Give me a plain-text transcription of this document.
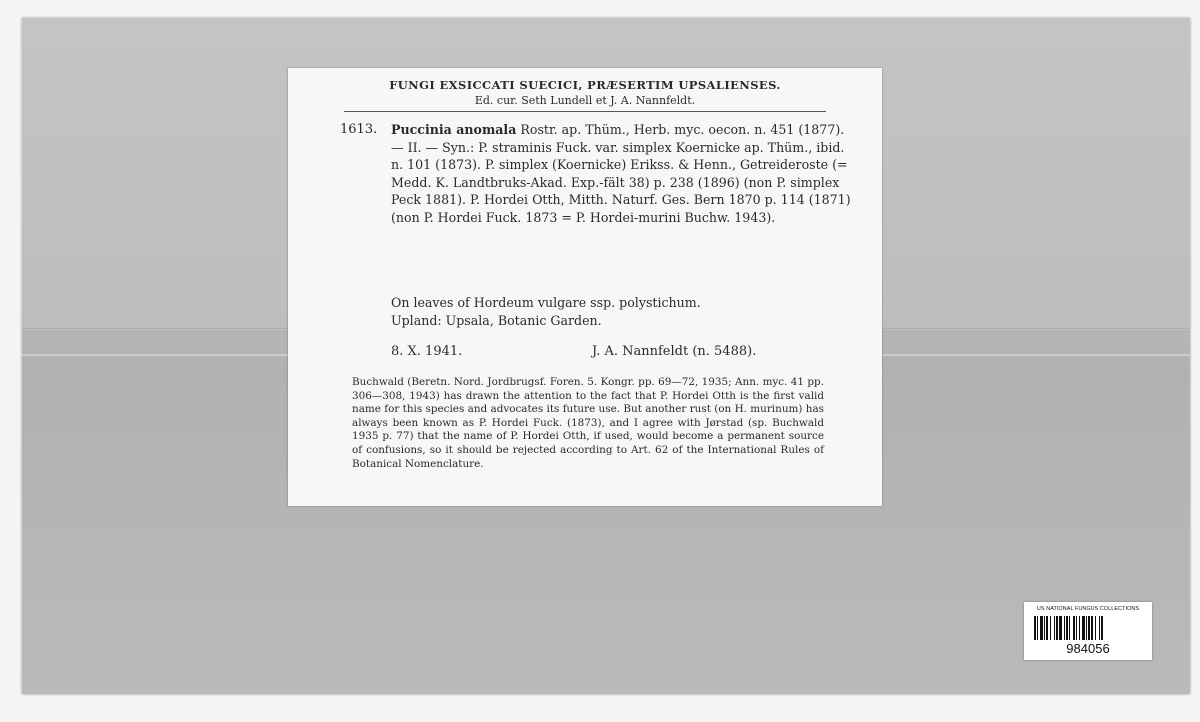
FUNGI EXSICCATI SUECICI, PRÆSERTIM UPSALIENSES.
Ed. cur. Seth Lundell et J. A. Nannfeldt.
1613. Puccinia anomala Rostr. ap. Thüm., Herb. myc. oecon. n. 451 (1877). — II. — Syn.: P. straminis Fuck. var. simplex Koernicke ap. Thüm., ibid. n. 101 (1873). P. simplex (Koernicke) Erikss. & Henn., Getreideroste (= Medd. K. Landtbruks-Akad. Exp.-fält 38) p. 238 (1896) (non P. simplex Peck 1881). P. Hordei Otth, Mitth. Naturf. Ges. Bern 1870 p. 114 (1871) (non P. Hordei Fuck. 1873 = P. Hordei-murini Buchw. 1943).

On leaves of Hordeum vulgare ssp. polystichum.
Upland: Upsala, Botanic Garden.
8. X. 1941.	J. A. Nannfeldt (n. 5488).

Buchwald (Beretn. Nord. Jordbrugsf. Foren. 5. Kongr. pp. 69—72, 1935; Ann. myc. 41 pp. 306—308, 1943) has drawn the attention to the fact that P. Hordei Otth is the first valid name for this species and advocates its future use. But another rust (on H. murinum) has always been known as P. Hordei Fuck. (1873), and I agree with Jørstad (sp. Buchwald 1935 p. 77) that the name of P. Hordei Otth, if used, would become a permanent source of confusions, so it should be rejected according to Art. 62 of the International Rules of Botanical Nomenclature.

US NATIONAL FUNGUS COLLECTIONS
984056
